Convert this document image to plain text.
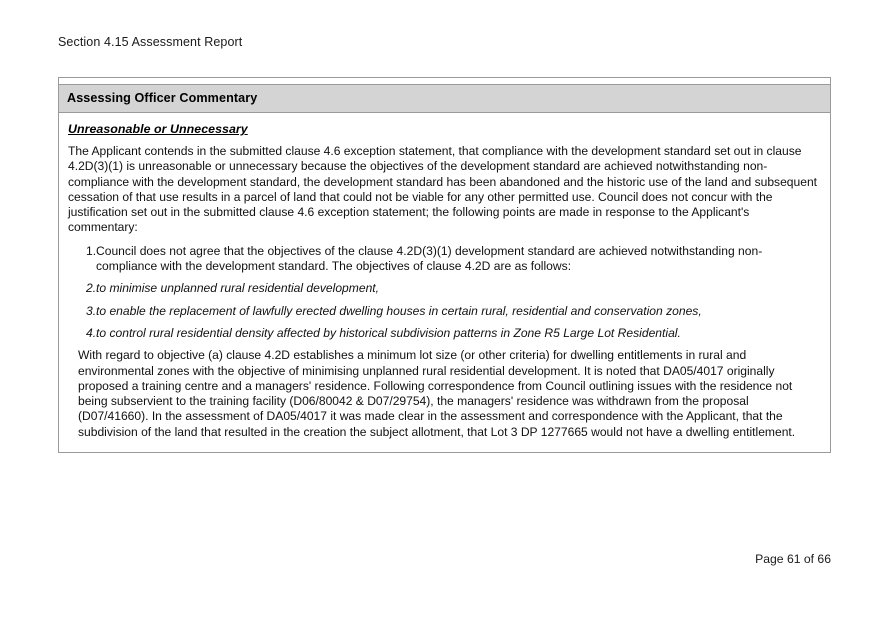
Section 4.15 Assessment Report
Assessing Officer Commentary
Unreasonable or Unnecessary

The Applicant contends in the submitted clause 4.6 exception statement, that compliance with the development standard set out in clause 4.2D(3)(1) is unreasonable or unnecessary because the objectives of the development standard are achieved notwithstanding non-compliance with the development standard, the development standard has been abandoned and the historic use of the land and subsequent cessation of that use results in a parcel of land that could not be viable for any other permitted use. Council does not concur with the justification set out in the submitted clause 4.6 exception statement; the following points are made in response to the Applicant's commentary:

1. Council does not agree that the objectives of the clause 4.2D(3)(1) development standard are achieved notwithstanding non-compliance with the development standard. The objectives of clause 4.2D are as follows:
2. to minimise unplanned rural residential development,
3. to enable the replacement of lawfully erected dwelling houses in certain rural, residential and conservation zones,
4. to control rural residential density affected by historical subdivision patterns in Zone R5 Large Lot Residential.

With regard to objective (a) clause 4.2D establishes a minimum lot size (or other criteria) for dwelling entitlements in rural and environmental zones with the objective of minimising unplanned rural residential development. It is noted that DA05/4017 originally proposed a training centre and a managers' residence. Following correspondence from Council outlining issues with the residence not being subservient to the training facility (D06/80042 & D07/29754), the managers' residence was withdrawn from the proposal (D07/41660). In the assessment of DA05/4017 it was made clear in the assessment and correspondence with the Applicant, that the subdivision of the land that resulted in the creation the subject allotment, that Lot 3 DP 1277665 would not have a dwelling entitlement.

Page 61 of 66
